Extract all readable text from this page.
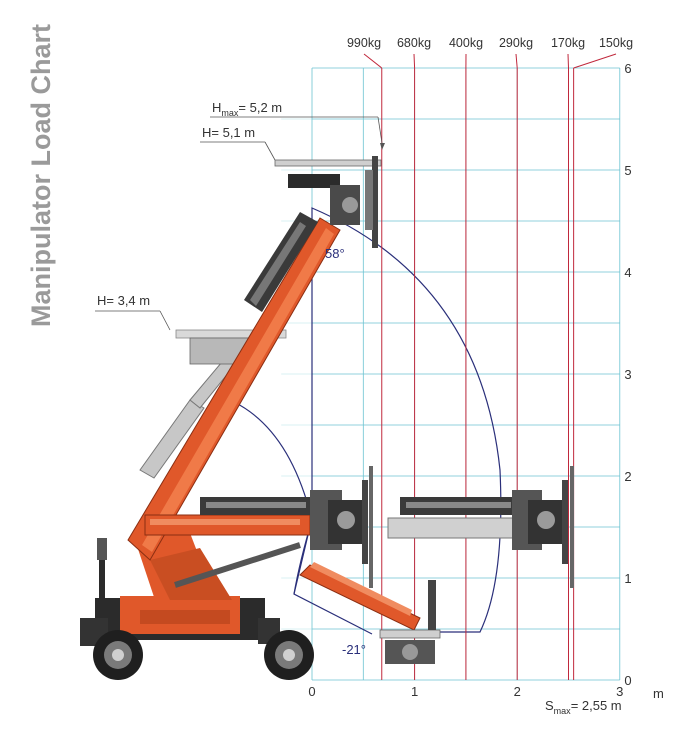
Manipulator Load Chart	990kg 680kg 400kg 290kg 170kg 150kg
$H_{max}= 5,2$ m
H= 5,1 m
H= 3,4 m
58°
-21°
$S_{max}= 2,55$ m
0	1	2	3
0
1
2
3
4
5
6
m
